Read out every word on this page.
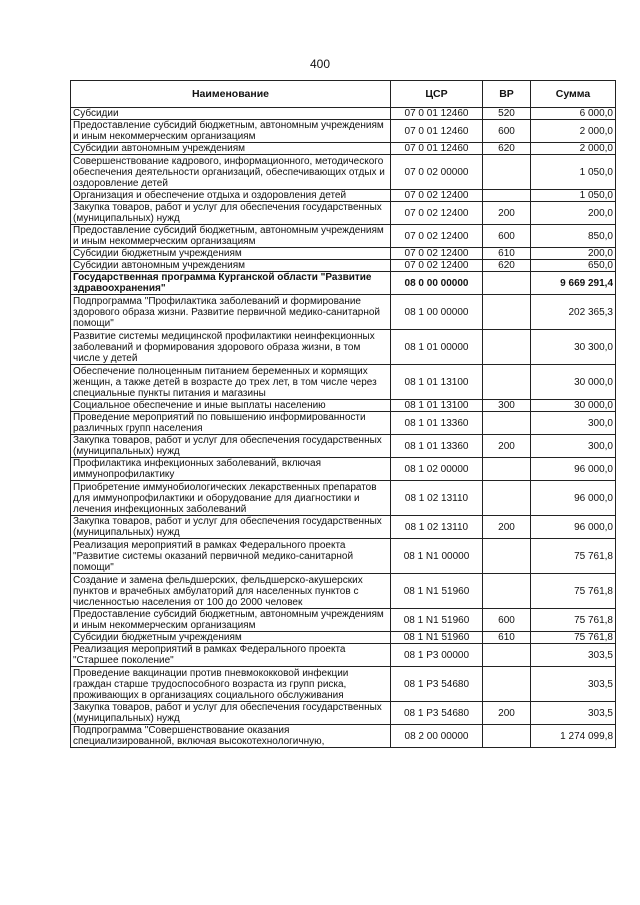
400
Наименование	ЦСР	ВР	Сумма
Субсидии	07 0 01 12460	520	6 000,0
Предоставление субсидий бюджетным, автономным учреждениям и иным некоммерческим организациям	07 0 01 12460	600	2 000,0
Субсидии автономным учреждениям	07 0 01 12460	620	2 000,0
Совершенствование кадрового, информационного, методического обеспечения деятельности организаций, обеспечивающих отдых и оздоровление детей	07 0 02 00000		1 050,0
Организация и обеспечение отдыха и оздоровления детей	07 0 02 12400		1 050,0
Закупка товаров, работ и услуг для обеспечения государственных (муниципальных) нужд	07 0 02 12400	200	200,0
Предоставление субсидий бюджетным, автономным учреждениям и иным некоммерческим организациям	07 0 02 12400	600	850,0
Субсидии бюджетным учреждениям	07 0 02 12400	610	200,0
Субсидии автономным учреждениям	07 0 02 12400	620	650,0
Государственная программа Курганской области "Развитие здравоохранения"	08 0 00 00000		9 669 291,4
Подпрограмма "Профилактика заболеваний и формирование здорового образа жизни. Развитие первичной медико-санитарной помощи"	08 1 00 00000		202 365,3
Развитие системы медицинской профилактики неинфекционных заболеваний и формирования здорового образа жизни, в том числе у детей	08 1 01 00000		30 300,0
Обеспечение полноценным питанием беременных и кормящих женщин, а также детей в возрасте до трех лет, в том числе через специальные пункты питания и магазины	08 1 01 13100		30 000,0
Социальное обеспечение и иные выплаты населению	08 1 01 13100	300	30 000,0
Проведение мероприятий по повышению информированности различных групп населения	08 1 01 13360		300,0
Закупка товаров, работ и услуг для обеспечения государственных (муниципальных) нужд	08 1 01 13360	200	300,0
Профилактика инфекционных заболеваний, включая иммунопрофилактику	08 1 02 00000		96 000,0
Приобретение иммунобиологических лекарственных препаратов для иммунопрофилактики и оборудование для диагностики и лечения инфекционных заболеваний	08 1 02 13110		96 000,0
Закупка товаров, работ и услуг для обеспечения государственных (муниципальных) нужд	08 1 02 13110	200	96 000,0
Реализация мероприятий в рамках Федерального проекта "Развитие системы оказаний первичной медико-санитарной помощи"	08 1 N1 00000		75 761,8
Создание и замена фельдшерских, фельдшерско-акушерских пунктов и врачебных амбулаторий для населенных пунктов с численностью населения от 100 до 2000 человек	08 1 N1 51960		75 761,8
Предоставление субсидий бюджетным, автономным учреждениям и иным некоммерческим организациям	08 1 N1 51960	600	75 761,8
Субсидии бюджетным учреждениям	08 1 N1 51960	610	75 761,8
Реализация мероприятий в рамках Федерального проекта "Старшее поколение"	08 1 P3 00000		303,5
Проведение вакцинации против пневмококковой инфекции граждан старше трудоспособного возраста из групп риска, проживающих в организациях социального обслуживания	08 1 P3 54680		303,5
Закупка товаров, работ и услуг для обеспечения государственных (муниципальных) нужд	08 1 P3 54680	200	303,5
Подпрограмма "Совершенствование оказания специализированной, включая высокотехнологичную,	08 2 00 00000		1 274 099,8
